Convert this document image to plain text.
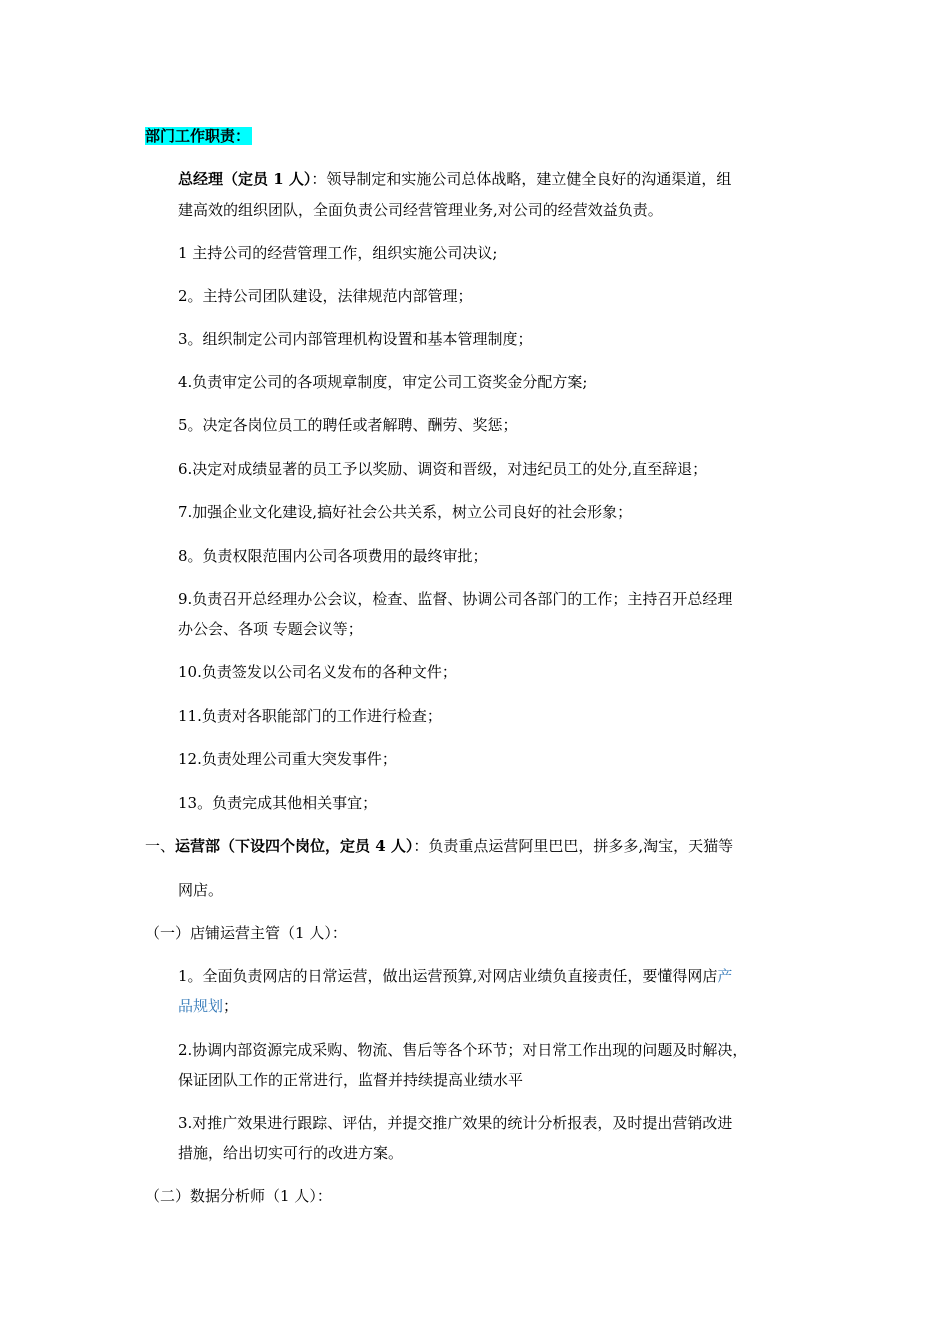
部门工作职责：
总经理（定员 1 人）：领导制定和实施公司总体战略，建立健全良好的沟通渠道，组
建高效的组织团队，全面负责公司经营管理业务,对公司的经营效益负责。
1 主持公司的经营管理工作，组织实施公司决议;
2。主持公司团队建设，法律规范内部管理；
3。组织制定公司内部管理机构设置和基本管理制度；
4.负责审定公司的各项规章制度，审定公司工资奖金分配方案;
5。决定各岗位员工的聘任或者解聘、酬劳、奖惩；
6.决定对成绩显著的员工予以奖励、调资和晋级，对违纪员工的处分,直至辞退；
7.加强企业文化建设,搞好社会公共关系，树立公司良好的社会形象；
8。负责权限范围内公司各项费用的最终审批；
9.负责召开总经理办公会议，检查、监督、协调公司各部门的工作；主持召开总经理
办公会、各项 专题会议等；
10.负责签发以公司名义发布的各种文件；
11.负责对各职能部门的工作进行检查；
12.负责处理公司重大突发事件；
13。负责完成其他相关事宜；
一、运营部（下设四个岗位，定员 4 人）：负责重点运营阿里巴巴，拼多多,淘宝，天猫等
网店。
（一）店铺运营主管（1 人）：
1。全面负责网店的日常运营，做出运营预算,对网店业绩负直接责任，要懂得网店产
品规划；
2.协调内部资源完成采购、物流、售后等各个环节；对日常工作出现的问题及时解决，
保证团队工作的正常进行，监督并持续提高业绩水平
3.对推广效果进行跟踪、评估，并提交推广效果的统计分析报表，及时提出营销改进
措施，给出切实可行的改进方案。
（二）数据分析师（1 人）：
